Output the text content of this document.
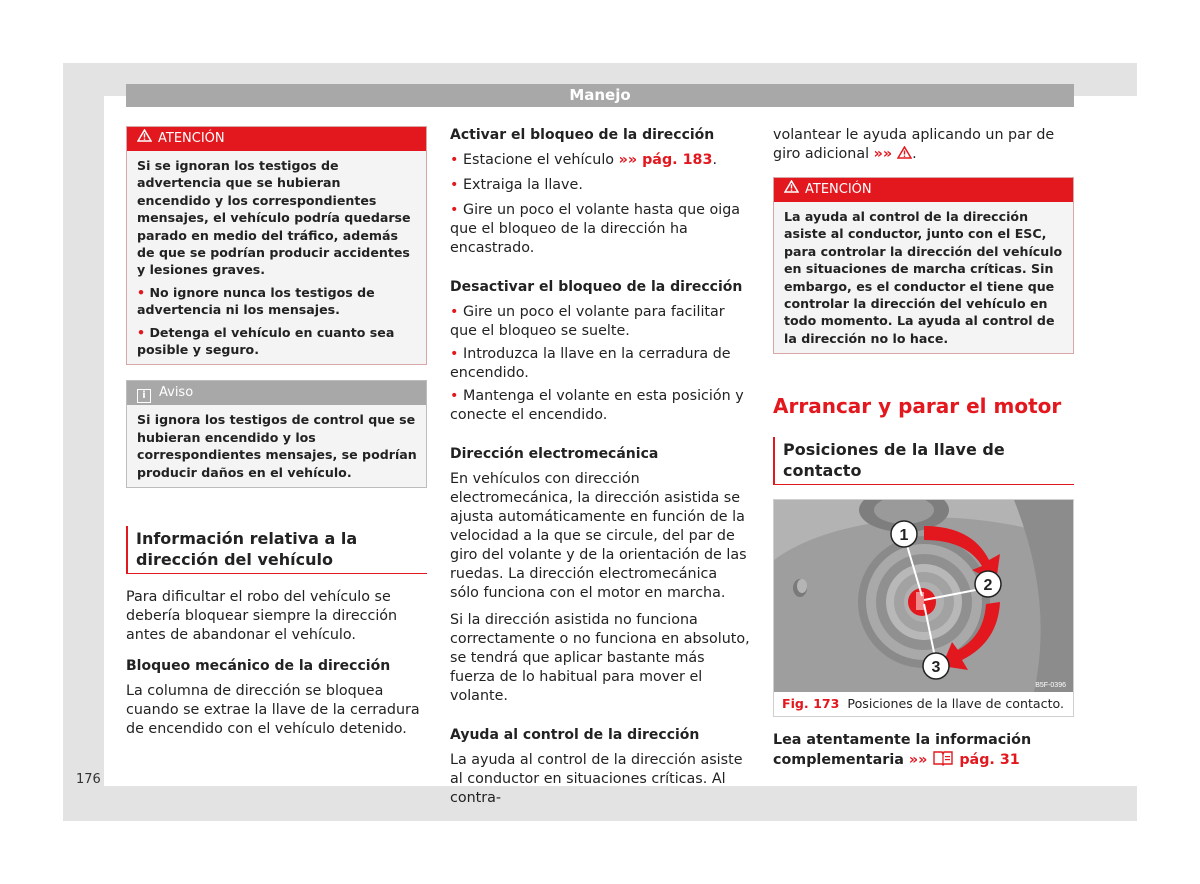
Manejo
ATENCIÓN

Si se ignoran los testigos de advertencia que se hubieran encendido y los correspondientes mensajes, el vehículo podría quedarse parado en medio del tráfico, además de que se podrían producir accidentes y lesiones graves.

• No ignore nunca los testigos de advertencia ni los mensajes.

• Detenga el vehículo en cuanto sea posible y seguro.

i Aviso

Si ignora los testigos de control que se hubieran encendido y los correspondientes mensajes, se podrían producir daños en el vehículo.

Información relativa a la dirección del vehículo

Para dificultar el robo del vehículo se debería bloquear siempre la dirección antes de abandonar el vehículo.

Bloqueo mecánico de la dirección

La columna de dirección se bloquea cuando se extrae la llave de la cerradura de encendido con el vehículo detenido.

Activar el bloqueo de la dirección

• Estacione el vehículo »» pág. 183.

• Extraiga la llave.

• Gire un poco el volante hasta que oiga que el bloqueo de la dirección ha encastrado.

Desactivar el bloqueo de la dirección

• Gire un poco el volante para facilitar que el bloqueo se suelte.

• Introduzca la llave en la cerradura de encendido.

• Mantenga el volante en esta posición y conecte el encendido.

Dirección electromecánica

En vehículos con dirección electromecánica, la dirección asistida se ajusta automáticamente en función de la velocidad a la que se circule, del par de giro del volante y de la orientación de las ruedas. La dirección electromecánica sólo funciona con el motor en marcha.

Si la dirección asistida no funciona correctamente o no funciona en absoluto, se tendrá que aplicar bastante más fuerza de lo habitual para mover el volante.

Ayuda al control de la dirección

La ayuda al control de la dirección asiste al conductor en situaciones críticas. Al contra-

volantear le ayuda aplicando un par de giro adicional »» .

ATENCIÓN

La ayuda al control de la dirección asiste al conductor, junto con el ESC, para controlar la dirección del vehículo en situaciones de marcha críticas. Sin embargo, es el conductor el tiene que controlar la dirección del vehículo en todo momento. La ayuda al control de la dirección no lo hace.

Arrancar y parar el motor
Posiciones de la llave de contacto
1
2
3
B5F-0396
Fig. 173 Posiciones de la llave de contacto.

Lea atentamente la información complementaria »»  pág. 31

176
